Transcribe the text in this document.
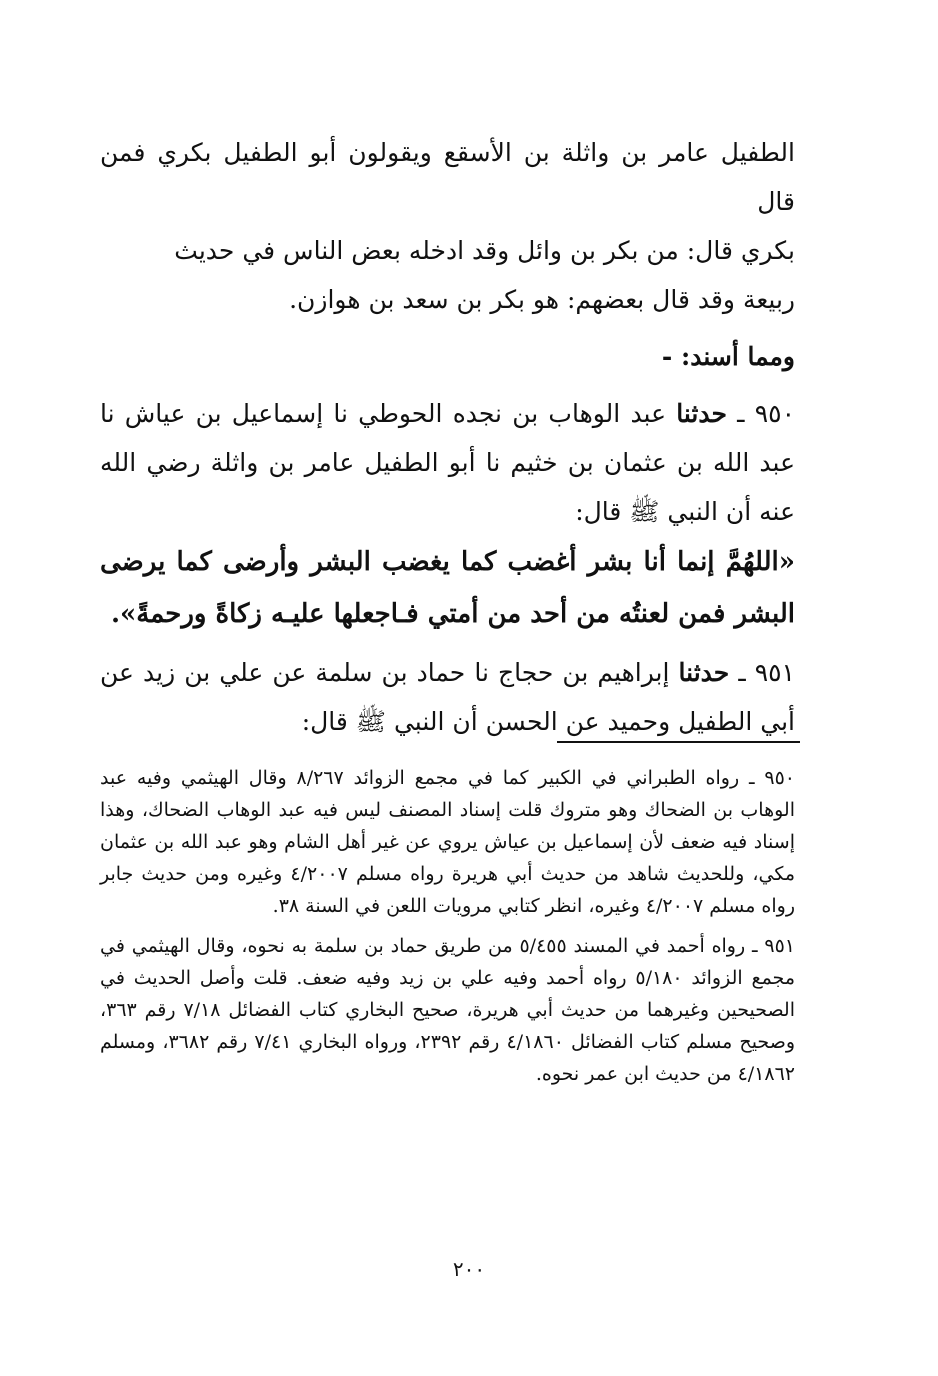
الطفيل عامر بن واثلة بن الأسقع ويقولون أبو الطفيل بكري فمن قال

بكري قال: من بكر بن وائل وقد ادخله بعض الناس في حديث

ربيعة وقد قال بعضهم: هو بكر بن سعد بن هوازن.

ومما أسند: -
٩٥٠ ـ حدثنا عبد الوهاب بن نجده الحوطي نا إسماعيل بن عياش نا عبد الله بن عثمان بن خثيم نا أبو الطفيل عامر بن واثلة رضي الله عنه أن النبي ﷺ قال:
«اللهُمَّ إنما أنا بشر أغضب كما يغضب البشر وأرضى كما يرضى البشر فمن لعنتُه من أحد من أمتي فـاجعلها عليـه زكاةً ورحمةً».
٩٥١ ـ حدثنا إبراهيم بن حجاج نا حماد بن سلمة عن علي بن زيد عن أبي الطفيل وحميد عن الحسن أن النبي ﷺ قال:
٩٥٠ ـ رواه الطبراني في الكبير كما في مجمع الزوائد ٨/٢٦٧ وقال الهيثمي وفيه عبد الوهاب بن الضحاك وهو متروك قلت إسناد المصنف ليس فيه عبد الوهاب الضحاك، وهذا إسناد فيه ضعف لأن إسماعيل بن عياش يروي عن غير أهل الشام وهو عبد الله بن عثمان مكي، وللحديث شاهد من حديث أبي هريرة رواه مسلم ٤/٢٠٠٧ وغيره ومن حديث جابر رواه مسلم ٤/٢٠٠٧ وغيره، انظر كتابي مرويات اللعن في السنة ٣٨.
٩٥١ ـ رواه أحمد في المسند ٥/٤٥٥ من طريق حماد بن سلمة به نحوه، وقال الهيثمي في مجمع الزوائد ٥/١٨٠ رواه أحمد وفيه علي بن زيد وفيه ضعف. قلت وأصل الحديث في الصحيحين وغيرهما من حديث أبي هريرة، صحيح البخاري كتاب الفضائل ٧/١٨ رقم ٣٦٣، وصحيح مسلم كتاب الفضائل ٤/١٨٦٠ رقم ٢٣٩٢، ورواه البخاري ٧/٤١ رقم ٣٦٨٢، ومسلم ٤/١٨٦٢ من حديث ابن عمر نحوه.
٢٠٠
